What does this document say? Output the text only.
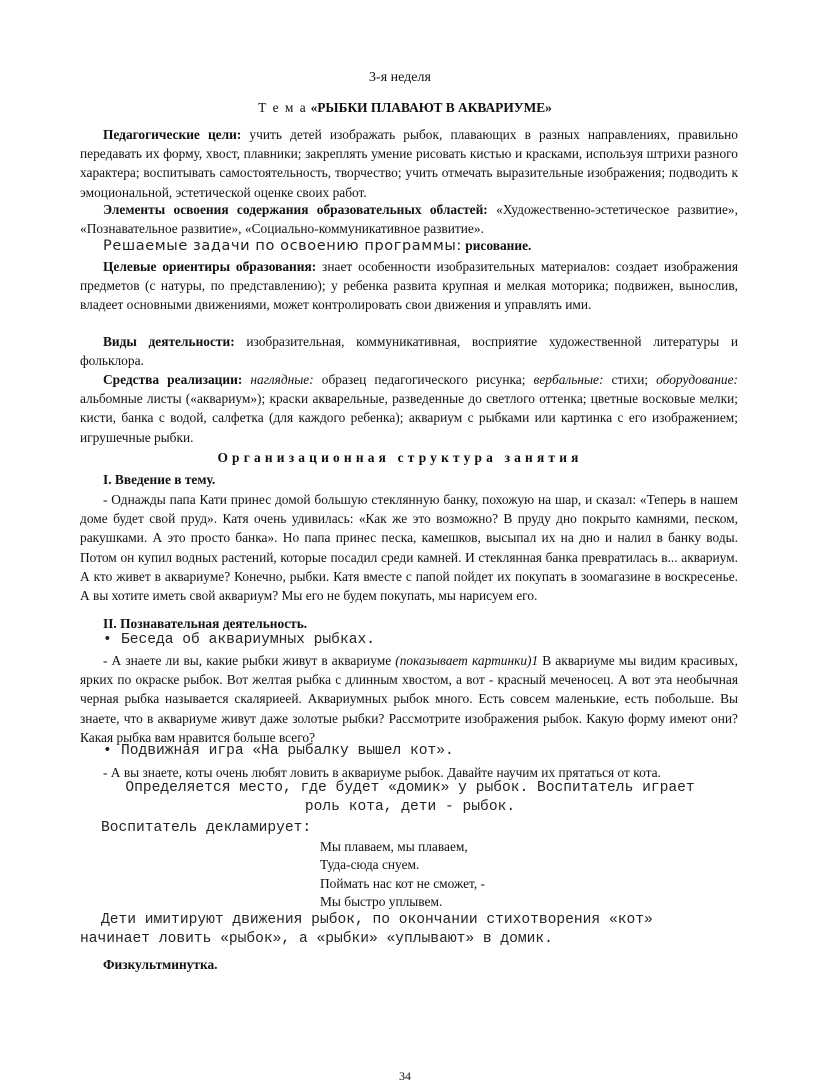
3-я неделя
Т е м а «РЫБКИ ПЛАВАЮТ В АКВАРИУМЕ»
Педагогические цели: учить детей изображать рыбок, плавающих в разных направлениях, правильно передавать их форму, хвост, плавники; закреплять умение рисовать кистью и красками, используя штрихи разного характера; воспитывать самостоятельность, творчество; учить отмечать выразительные изображения; подводить к эмоциональной, эстетической оценке своих работ.
Элементы освоения содержания образовательных областей: «Художественно-эстетическое развитие», «Познавательное развитие», «Социально-коммуникативное развитие».
Решаемые задачи по освоению программы: рисование.
Целевые ориентиры образования: знает особенности изобразительных материалов: создает изображения предметов (с натуры, по представлению); у ребенка развита крупная и мелкая моторика; подвижен, вынослив, владеет основными движениями, может контролировать свои движения и управлять ими.
Виды деятельности: изобразительная, коммуникативная, восприятие художественной литературы и фольклора.
Средства реализации: наглядные: образец педагогического рисунка; вербальные: стихи; оборудование: альбомные листы («аквариум»); краски акварельные, разведенные до светлого оттенка; цветные восковые мелки; кисти, банка с водой, салфетка (для каждого ребенка); аквариум с рыбками или картинка с его изображением; игрушечные рыбки.
Организационная структура занятия
I. Введение в тему.
- Однажды папа Кати принес домой большую стеклянную банку, похожую на шар, и сказал: «Теперь в нашем доме будет свой пруд». Катя очень удивилась: «Как же это возможно? В пруду дно покрыто камнями, песком, ракушками. А это просто банка». Но папа принес песка, камешков, высыпал их на дно и налил в банку воды. Потом он купил водных растений, которые посадил среди камней. И стеклянная банка превратилась в... аквариум. А кто живет в аквариуме? Конечно, рыбки. Катя вместе с папой пойдет их покупать в зоомагазине в воскресенье. А вы хотите иметь свой аквариум? Мы его не будем покупать, мы нарисуем его.
II. Познавательная деятельность.
• Беседа об аквариумных рыбках.
- А знаете ли вы, какие рыбки живут в аквариуме (показывает картинки)1 В аквариуме мы видим красивых, ярких по окраске рыбок. Вот желтая рыбка с длинным хвостом, а вот - красный меченосец. А вот эта необычная черная рыбка называется скаляриеей. Аквариумных рыбок много. Есть совсем маленькие, есть побольше. Вы знаете, что в аквариуме живут даже золотые рыбки? Рассмотрите изображения рыбок. Какую форму имеют они? Какая рыбка вам нравится больше всего?
• Подвижная игра «На рыбалку вышел кот».
- А вы знаете, коты очень любят ловить в аквариуме рыбок. Давайте научим их прятаться от кота.
Определяется место, где будет «домик» у рыбок. Воспитатель играет
роль кота, дети - рыбок.
Воспитатель декламирует:
Мы плаваем, мы плаваем,
Туда-сюда снуем.
Поймать нас кот не сможет, -
Мы быстро уплывем.
Дети имитируют движения рыбок, по окончании стихотворения «кот»
начинает ловить «рыбок», а «рыбки» «уплывают» в домик.
Физкультминутка.
34
